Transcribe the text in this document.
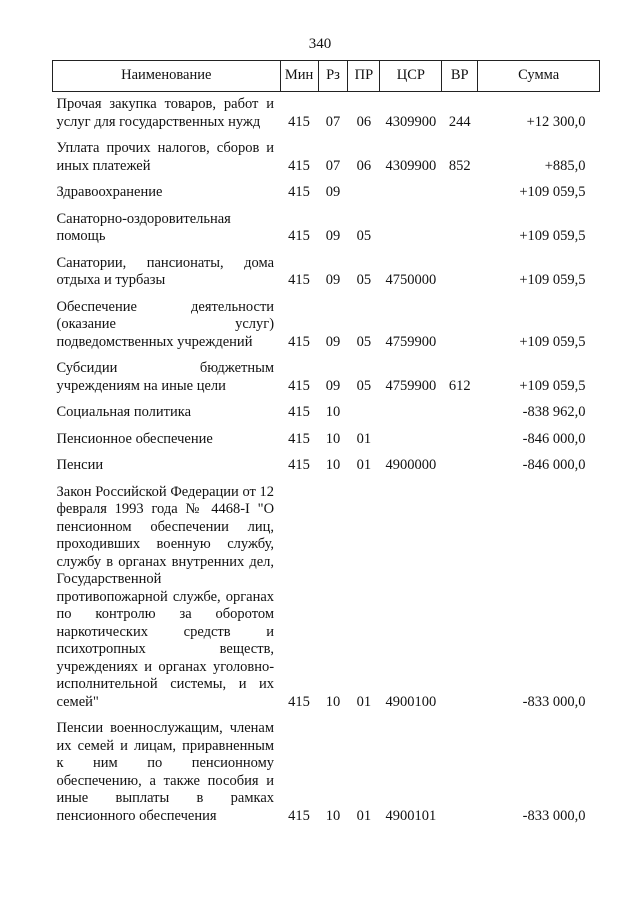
340
Наименование	Мин	Рз	ПР	ЦСР	ВР	Сумма
Прочая закупка товаров, работ и услуг для государственных нужд	415	07	06	4309900	244	+12 300,0
Уплата прочих налогов, сборов и иных платежей	415	07	06	4309900	852	+885,0
Здравоохранение	415	09				+109 059,5
Санаторно-оздоровительная помощь	415	09	05			+109 059,5
Санатории, пансионаты, дома отдыха и турбазы	415	09	05	4750000		+109 059,5
Обеспечение деятельности (оказание услуг) подведомственных учреждений	415	09	05	4759900		+109 059,5
Субсидии бюджетным учреждениям на иные цели	415	09	05	4759900	612	+109 059,5
Социальная политика	415	10				-838 962,0
Пенсионное обеспечение	415	10	01			-846 000,0
Пенсии	415	10	01	4900000		-846 000,0
Закон Российской Федерации от 12 февраля 1993 года № 4468-I "О пенсионном обеспечении лиц, проходивших военную службу, службу в органах внутренних дел, Государственной противопожарной службе, органах по контролю за оборотом наркотических средств и психотропных веществ, учреждениях и органах уголовно-исполнительной системы, и их семей"	415	10	01	4900100		-833 000,0
Пенсии военнослужащим, членам их семей и лицам, приравненным к ним по пенсионному обеспечению, а также пособия и иные выплаты в рамках пенсионного обеспечения	415	10	01	4900101		-833 000,0
